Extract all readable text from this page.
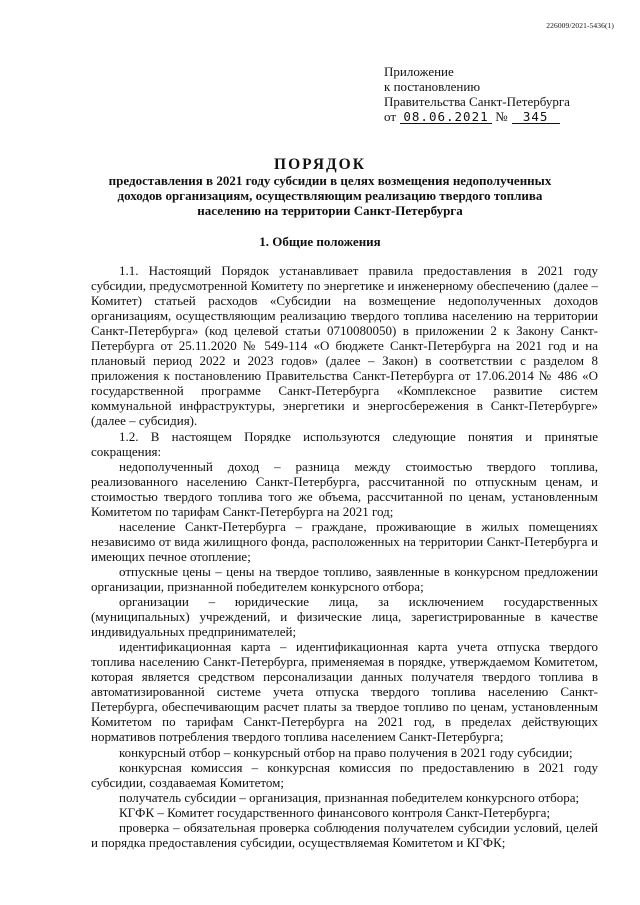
226009/2021-5436(1)
Приложение
к постановлению
Правительства Санкт-Петербурга
от 08.06.2021 № 345
ПОРЯДОК
предоставления в 2021 году субсидии в целях возмещения недополученных доходов организациям, осуществляющим реализацию твердого топлива населению на территории Санкт-Петербурга
1. Общие положения

1.1. Настоящий Порядок устанавливает правила предоставления в 2021 году субсидии, предусмотренной Комитету по энергетике и инженерному обеспечению (далее – Комитет) статьей расходов «Субсидии на возмещение недополученных доходов организациям, осуществляющим реализацию твердого топлива населению на территории Санкт-Петербурга» (код целевой статьи 0710080050) в приложении 2 к Закону Санкт-Петербурга от 25.11.2020 № 549-114 «О бюджете Санкт-Петербурга на 2021 год и на плановый период 2022 и 2023 годов» (далее – Закон) в соответствии с разделом 8 приложения к постановлению Правительства Санкт-Петербурга от 17.06.2014 № 486 «О государственной программе Санкт-Петербурга «Комплексное развитие систем коммунальной инфраструктуры, энергетики и энергосбережения в Санкт-Петербурге» (далее – субсидия).

1.2. В настоящем Порядке используются следующие понятия и принятые сокращения:

недополученный доход – разница между стоимостью твердого топлива, реализованного населению Санкт-Петербурга, рассчитанной по отпускным ценам, и стоимостью твердого топлива того же объема, рассчитанной по ценам, установленным Комитетом по тарифам Санкт-Петербурга на 2021 год;

население Санкт-Петербурга – граждане, проживающие в жилых помещениях независимо от вида жилищного фонда, расположенных на территории Санкт-Петербурга и имеющих печное отопление;

отпускные цены – цены на твердое топливо, заявленные в конкурсном предложении организации, признанной победителем конкурсного отбора;

организации – юридические лица, за исключением государственных (муниципальных) учреждений, и физические лица, зарегистрированные в качестве индивидуальных предпринимателей;

идентификационная карта – идентификационная карта учета отпуска твердого топлива населению Санкт-Петербурга, применяемая в порядке, утверждаемом Комитетом, которая является средством персонализации данных получателя твердого топлива в автоматизированной системе учета отпуска твердого топлива населению Санкт-Петербурга, обеспечивающим расчет платы за твердое топливо по ценам, установленным Комитетом по тарифам Санкт-Петербурга на 2021 год, в пределах действующих нормативов потребления твердого топлива населением Санкт-Петербурга;

конкурсный отбор – конкурсный отбор на право получения в 2021 году субсидии;

конкурсная комиссия – конкурсная комиссия по предоставлению в 2021 году субсидии, создаваемая Комитетом;

получатель субсидии – организация, признанная победителем конкурсного отбора;

КГФК – Комитет государственного финансового контроля Санкт-Петербурга;

проверка – обязательная проверка соблюдения получателем субсидии условий, целей и порядка предоставления субсидии, осуществляемая Комитетом и КГФК;
